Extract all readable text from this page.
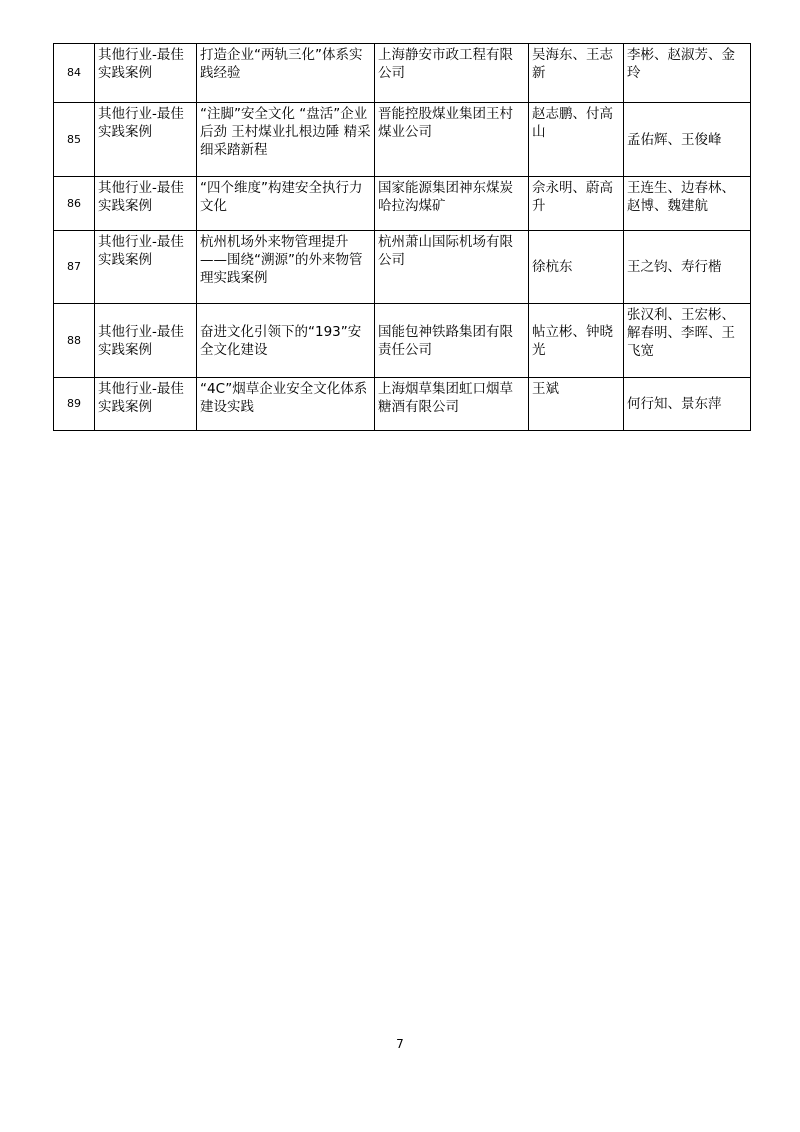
84	其他行业-最佳实践案例	打造企业“两轨三化”体系实践经验	上海静安市政工程有限公司	吴海东、王志新	李彬、赵淑芳、金玲
85	其他行业-最佳实践案例	“注脚”安全文化 “盘活”企业后劲 王村煤业扎根边陲 精采细采踏新程	晋能控股煤业集团王村煤业公司	赵志鹏、付高山	孟佑辉、王俊峰
86	其他行业-最佳实践案例	“四个维度”构建安全执行力文化	国家能源集团神东煤炭哈拉沟煤矿	佘永明、蔚高升	王连生、边春林、赵博、魏建航
87	其他行业-最佳实践案例	杭州机场外来物管理提升——围绕“溯源”的外来物管理实践案例	杭州萧山国际机场有限公司	徐杭东	王之钧、寿行楷
88	其他行业-最佳实践案例	奋进文化引领下的“193”安全文化建设	国能包神铁路集团有限责任公司	帖立彬、钟晓光	张汉利、王宏彬、解春明、李晖、王飞宽
89	其他行业-最佳实践案例	“4C”烟草企业安全文化体系建设实践	上海烟草集团虹口烟草糖酒有限公司	王斌	何行知、景东萍
7
